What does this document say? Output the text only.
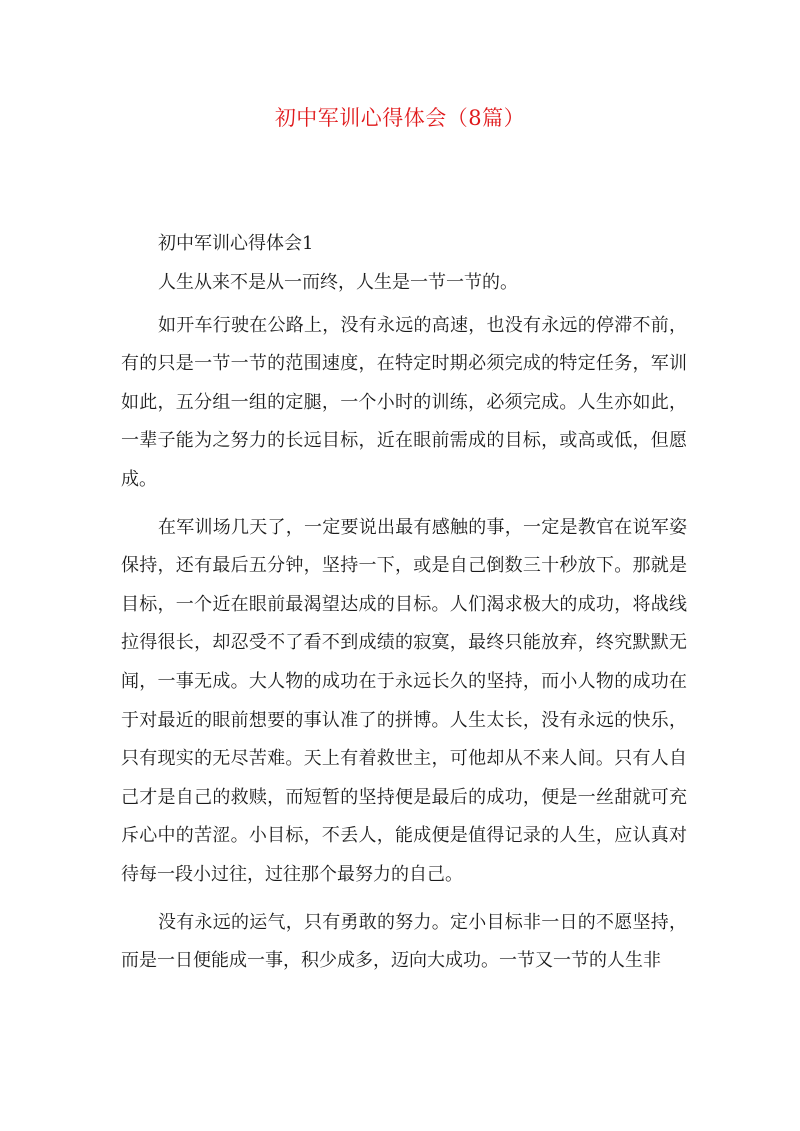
初中军训心得体会（8篇）

初中军训心得体会1

人生从来不是从一而终，人生是一节一节的。

如开车行驶在公路上，没有永远的高速，也没有永远的停滞不前，有的只是一节一节的范围速度，在特定时期必须完成的特定任务，军训如此，五分组一组的定腿，一个小时的训练，必须完成。人生亦如此，一辈子能为之努力的长远目标，近在眼前需成的目标，或高或低，但愿成。

在军训场几天了，一定要说出最有感触的事，一定是教官在说军姿保持，还有最后五分钟，坚持一下，或是自己倒数三十秒放下。那就是目标，一个近在眼前最渴望达成的目标。人们渴求极大的成功，将战线拉得很长，却忍受不了看不到成绩的寂寞，最终只能放弃，终究默默无闻，一事无成。大人物的成功在于永远长久的坚持，而小人物的成功在于对最近的眼前想要的事认准了的拼博。人生太长，没有永远的快乐，只有现实的无尽苦难。天上有着救世主，可他却从不来人间。只有人自己才是自己的救赎，而短暂的坚持便是最后的成功，便是一丝甜就可充斥心中的苦涩。小目标，不丢人，能成便是值得记录的人生，应认真对待每一段小过往，过往那个最努力的自己。

没有永远的运气，只有勇敢的努力。定小目标非一日的不愿坚持，而是一日便能成一事，积少成多，迈向大成功。一节又一节的人生非
